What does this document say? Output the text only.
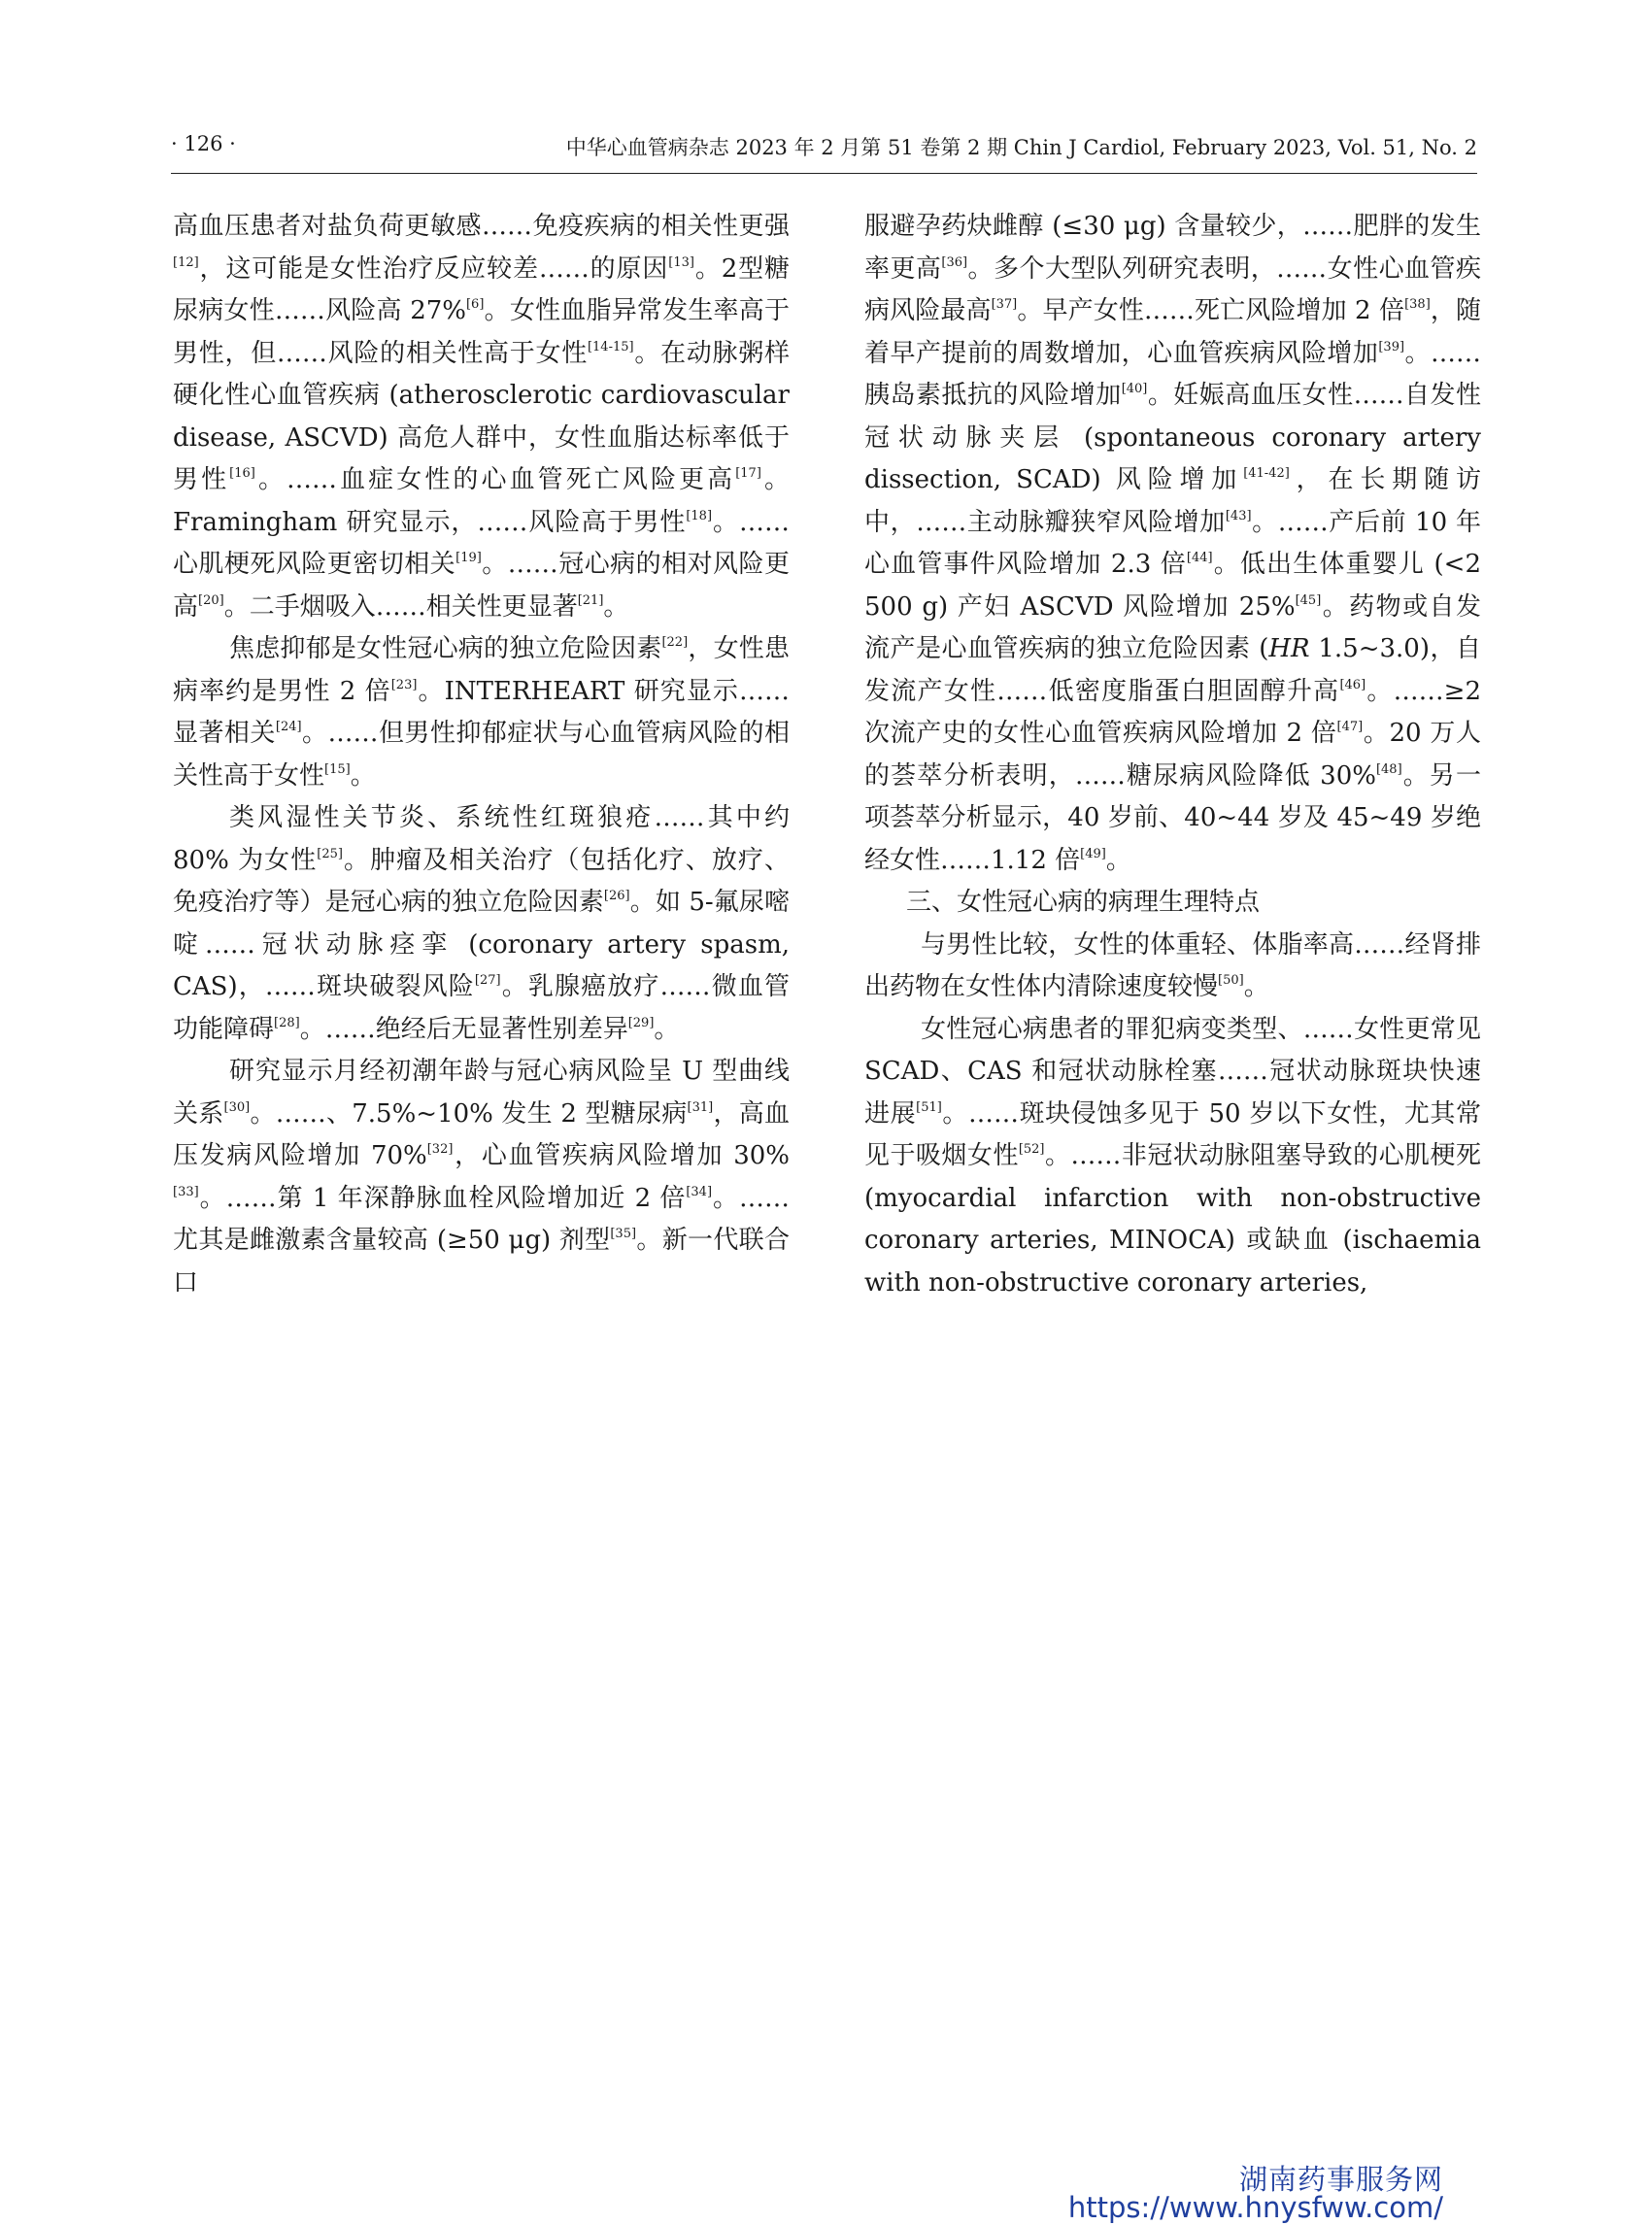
· 126 ·	中华心血管病杂志 2023 年 2 月第 51 卷第 2 期 Chin J Cardiol, February 2023, Vol. 51, No. 2

高血压患者对盐负荷更敏感……免疫疾病的相关性更强[12]，这可能是女性治疗反应较差……的原因[13]。2型糖尿病女性……风险高 27%[6]。女性血脂异常发生率高于男性，但……风险的相关性高于女性[14-15]。在动脉粥样硬化性心血管疾病 (atherosclerotic cardiovascular disease, ASCVD) 高危人群中，女性血脂达标率低于男性[16]。……血症女性的心血管死亡风险更高[17]。Framingham 研究显示，……风险高于男性[18]。……心肌梗死风险更密切相关[19]。……冠心病的相对风险更高[20]。二手烟吸入……相关性更显著[21]。

焦虑抑郁是女性冠心病的独立危险因素[22]，女性患病率约是男性 2 倍[23]。INTERHEART 研究显示……显著相关[24]。……但男性抑郁症状与心血管病风险的相关性高于女性[15]。

类风湿性关节炎、系统性红斑狼疮……其中约 80% 为女性[25]。肿瘤及相关治疗（包括化疗、放疗、免疫治疗等）是冠心病的独立危险因素[26]。如 5-氟尿嘧啶……冠状动脉痉挛 (coronary artery spasm, CAS)，……斑块破裂风险[27]。乳腺癌放疗……微血管功能障碍[28]。……绝经后无显著性别差异[29]。

研究显示月经初潮年龄与冠心病风险呈 U 型曲线关系[30]。……、7.5%~10% 发生 2 型糖尿病[31]，高血压发病风险增加 70%[32]，心血管疾病风险增加 30%[33]。……第 1 年深静脉血栓风险增加近 2 倍[34]。……尤其是雌激素含量较高 (≥50 μg) 剂型[35]。新一代联合口

服避孕药炔雌醇 (≤30 μg) 含量较少，……肥胖的发生率更高[36]。多个大型队列研究表明，……女性心血管疾病风险最高[37]。早产女性……死亡风险增加 2 倍[38]，随着早产提前的周数增加，心血管疾病风险增加[39]。……胰岛素抵抗的风险增加[40]。妊娠高血压女性……自发性冠状动脉夹层 (spontaneous coronary artery dissection, SCAD) 风险增加[41-42]，在长期随访中，……主动脉瓣狭窄风险增加[43]。……产后前 10 年心血管事件风险增加 2.3 倍[44]。低出生体重婴儿 (<2 500 g) 产妇 ASCVD 风险增加 25%[45]。药物或自发流产是心血管疾病的独立危险因素 (HR 1.5~3.0)，自发流产女性……低密度脂蛋白胆固醇升高[46]。……≥2 次流产史的女性心血管疾病风险增加 2 倍[47]。20 万人的荟萃分析表明，……糖尿病风险降低 30%[48]。另一项荟萃分析显示，40 岁前、40~44 岁及 45~49 岁绝经女性……1.12 倍[49]。

三、女性冠心病的病理生理特点

与男性比较，女性的体重轻、体脂率高……经肾排出药物在女性体内清除速度较慢[50]。

女性冠心病患者的罪犯病变类型、……女性更常见 SCAD、CAS 和冠状动脉栓塞……冠状动脉斑块快速进展[51]。……斑块侵蚀多见于 50 岁以下女性，尤其常见于吸烟女性[52]。……非冠状动脉阻塞导致的心肌梗死 (myocardial infarction with non-obstructive coronary arteries, MINOCA) 或缺血 (ischaemia with non-obstructive coronary arteries,

湖南药事服务网
https://www.hnysfww.com/
